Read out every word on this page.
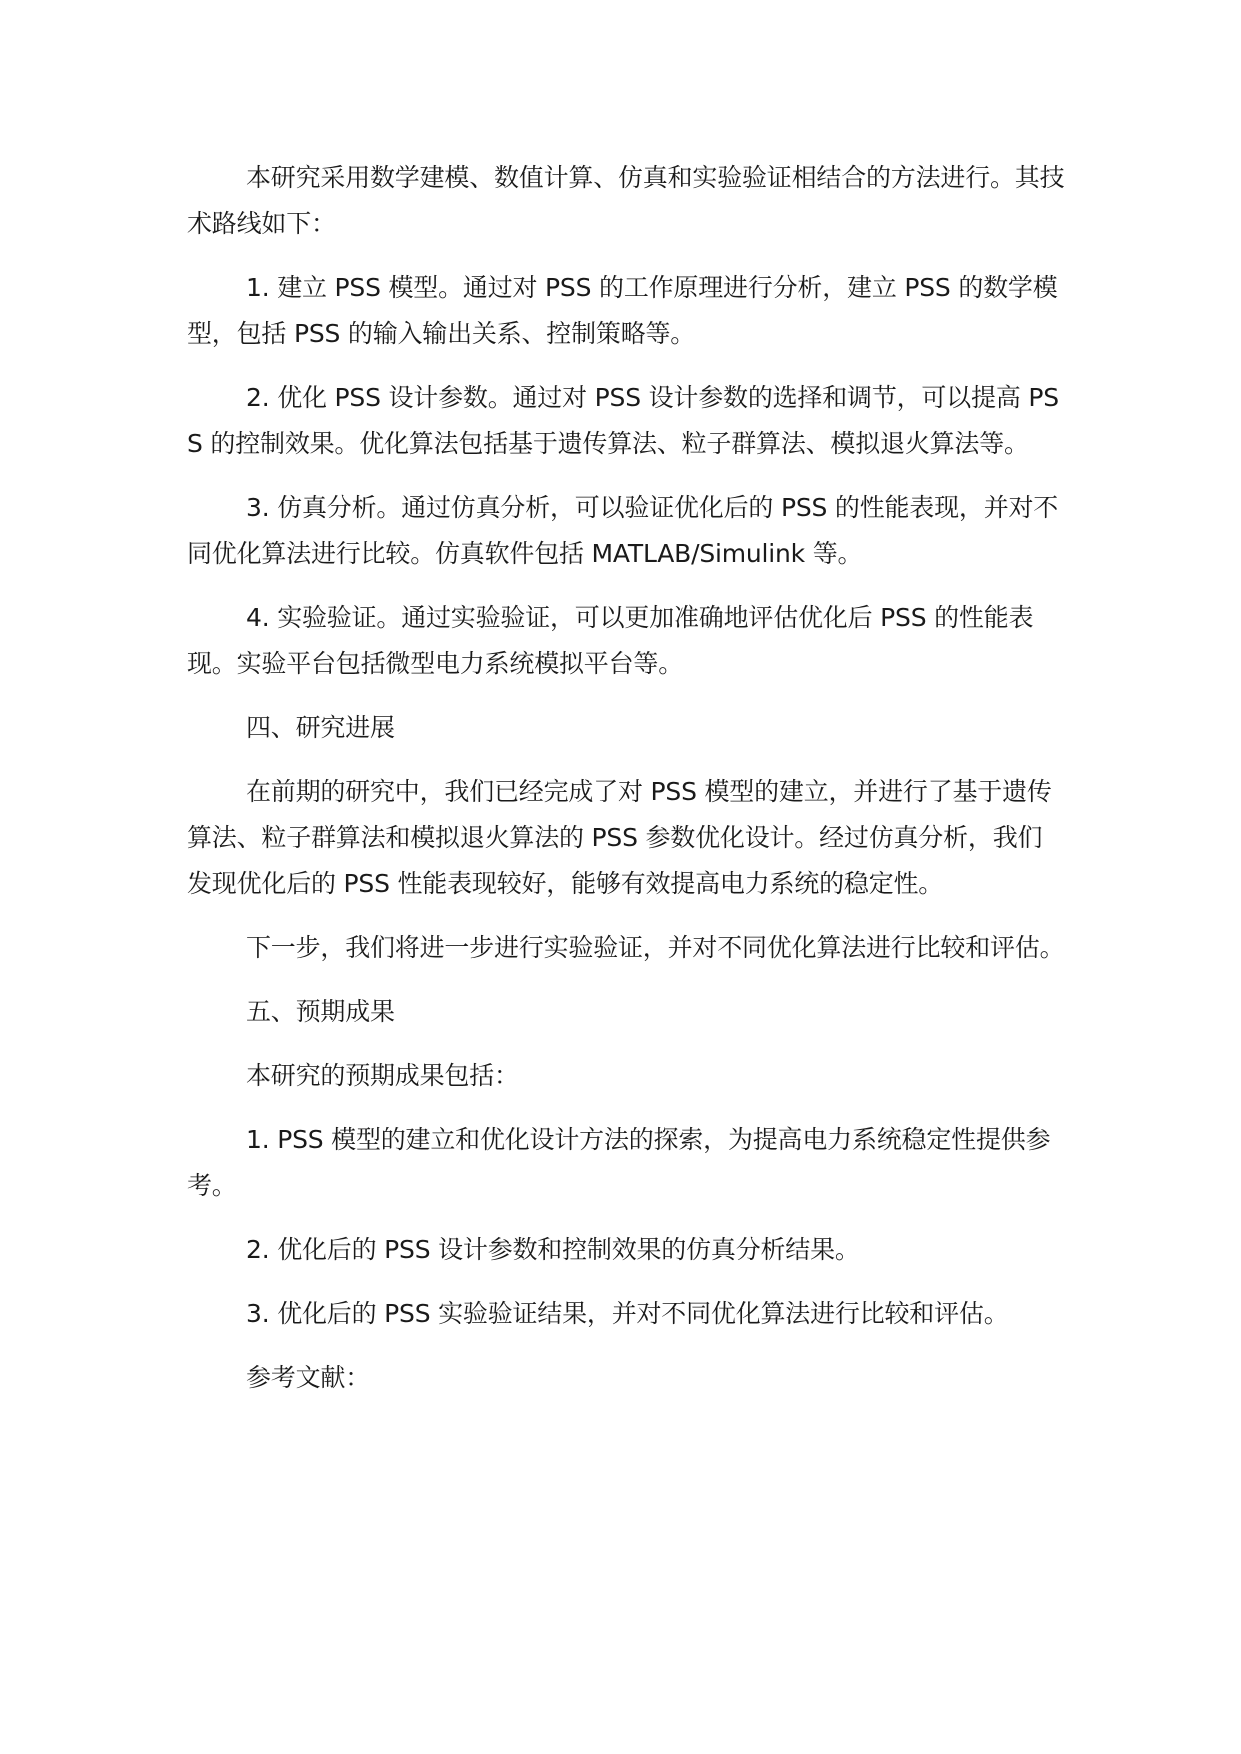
本研究采用数学建模、数值计算、仿真和实验验证相结合的方法进行。其技术路线如下：

1. 建立 PSS 模型。通过对 PSS 的工作原理进行分析，建立 PSS 的数学模型，包括 PSS 的输入输出关系、控制策略等。

2. 优化 PSS 设计参数。通过对 PSS 设计参数的选择和调节，可以提高 PSS 的控制效果。优化算法包括基于遗传算法、粒子群算法、模拟退火算法等。

3. 仿真分析。通过仿真分析，可以验证优化后的 PSS 的性能表现，并对不同优化算法进行比较。仿真软件包括 MATLAB/Simulink 等。

4. 实验验证。通过实验验证，可以更加准确地评估优化后 PSS 的性能表现。实验平台包括微型电力系统模拟平台等。

四、研究进展

在前期的研究中，我们已经完成了对 PSS 模型的建立，并进行了基于遗传算法、粒子群算法和模拟退火算法的 PSS 参数优化设计。经过仿真分析，我们发现优化后的 PSS 性能表现较好，能够有效提高电力系统的稳定性。

下一步，我们将进一步进行实验验证，并对不同优化算法进行比较和评估。

五、预期成果

本研究的预期成果包括：

1. PSS 模型的建立和优化设计方法的探索，为提高电力系统稳定性提供参考。

2. 优化后的 PSS 设计参数和控制效果的仿真分析结果。

3. 优化后的 PSS 实验验证结果，并对不同优化算法进行比较和评估。

参考文献：
